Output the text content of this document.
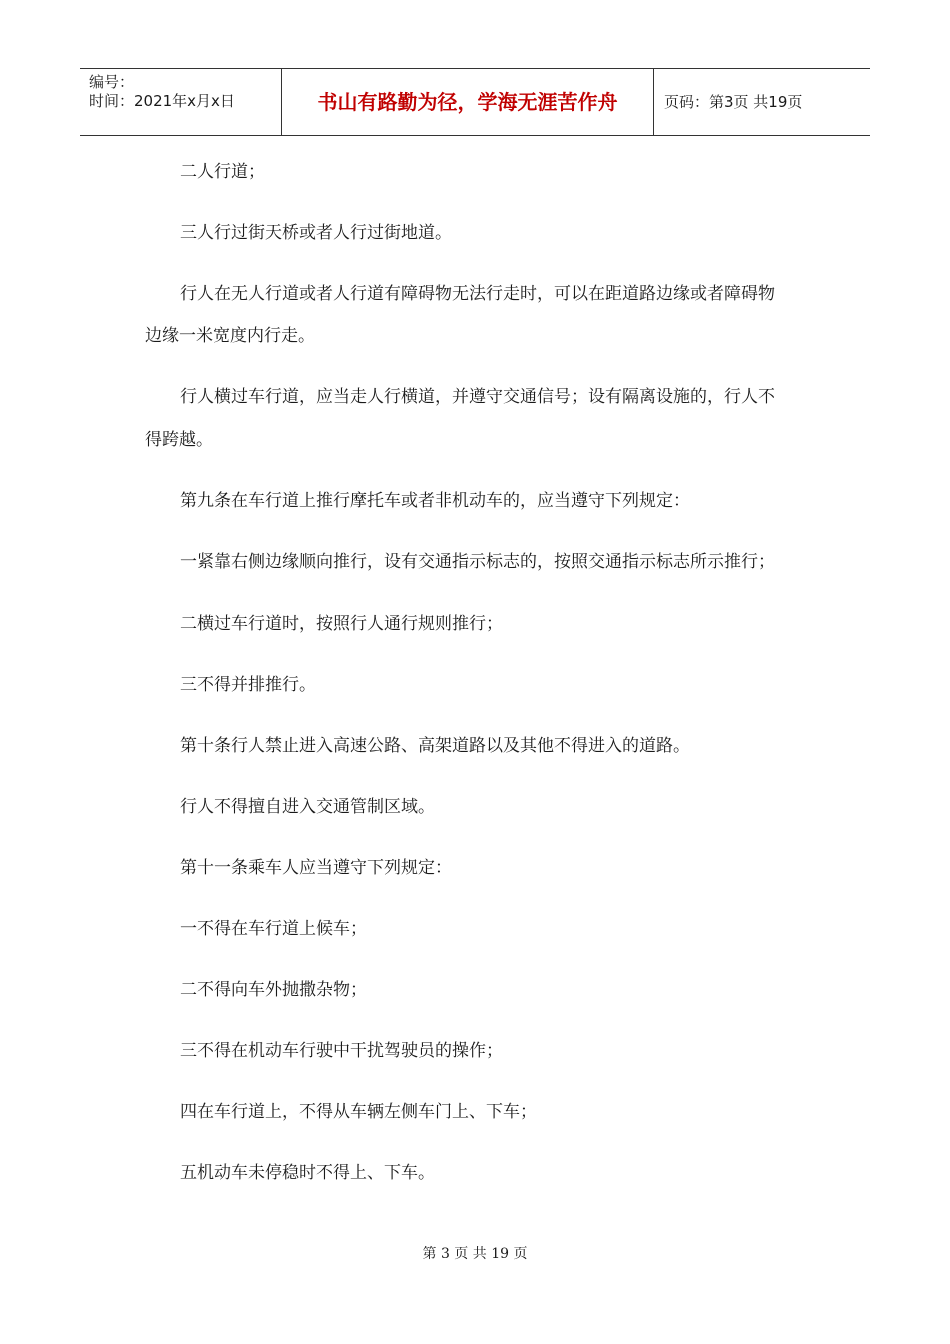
编号：
时间：2021年x月x日	书山有路勤为径，学海无涯苦作舟	页码：第3页 共19页
二人行道；
三人行过街天桥或者人行过街地道。
行人在无人行道或者人行道有障碍物无法行走时，可以在距道路边缘或者障碍物
边缘一米宽度内行走。
行人横过车行道，应当走人行横道，并遵守交通信号；设有隔离设施的，行人不
得跨越。
第九条在车行道上推行摩托车或者非机动车的，应当遵守下列规定：
一紧靠右侧边缘顺向推行，设有交通指示标志的，按照交通指示标志所示推行；
二横过车行道时，按照行人通行规则推行；
三不得并排推行。
第十条行人禁止进入高速公路、高架道路以及其他不得进入的道路。
行人不得擅自进入交通管制区域。
第十一条乘车人应当遵守下列规定：
一不得在车行道上候车；
二不得向车外抛撒杂物；
三不得在机动车行驶中干扰驾驶员的操作；
四在车行道上，不得从车辆左侧车门上、下车；
五机动车未停稳时不得上、下车。
第 3 页 共 19 页
